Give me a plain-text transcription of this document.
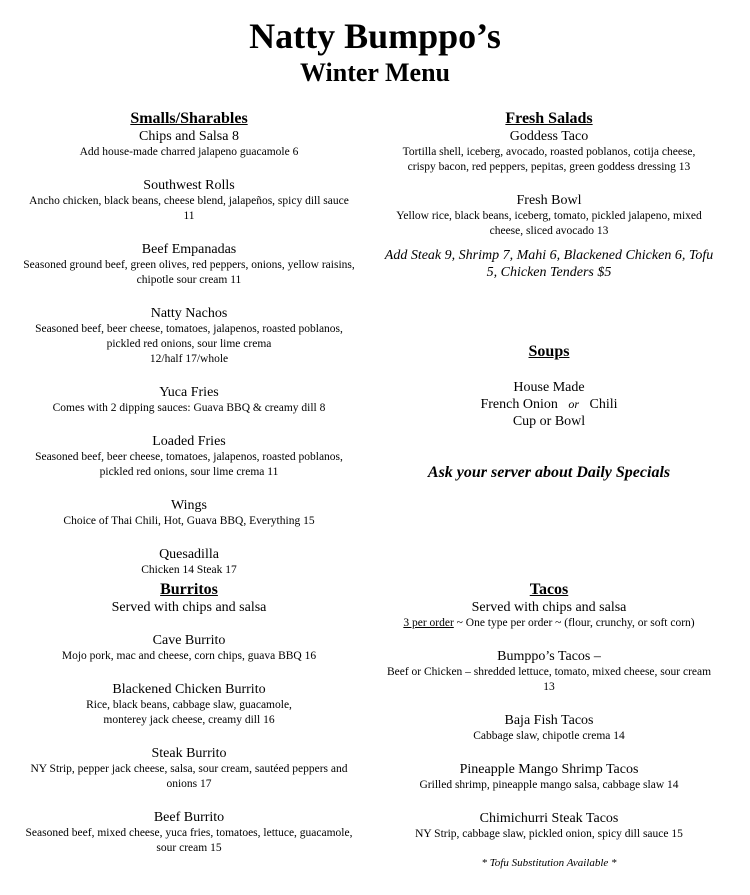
Natty Bumppo’s
Winter Menu
Smalls/Sharables
Chips and Salsa 8
Add house-made charred jalapeno guacamole 6
Southwest Rolls
Ancho chicken, black beans, cheese blend, jalapeños, spicy dill sauce
11
Beef Empanadas
Seasoned ground beef, green olives, red peppers, onions, yellow raisins,
chipotle sour cream 11
Natty Nachos
Seasoned beef, beer cheese, tomatoes, jalapenos, roasted poblanos,
pickled red onions, sour lime crema
12/half 17/whole
Yuca Fries
Comes with 2 dipping sauces: Guava BBQ & creamy dill 8
Loaded Fries
Seasoned beef, beer cheese, tomatoes, jalapenos, roasted poblanos,
pickled red onions, sour lime crema 11
Wings
Choice of Thai Chili, Hot, Guava BBQ, Everything 15
Quesadilla
Chicken 14 Steak 17
Fresh Salads
Goddess Taco
Tortilla shell, iceberg, avocado, roasted poblanos, cotija cheese,
crispy bacon, red peppers, pepitas, green goddess dressing 13
Fresh Bowl
Yellow rice, black beans, iceberg, tomato, pickled jalapeno, mixed
cheese, sliced avocado 13
Add Steak 9, Shrimp 7, Mahi 6, Blackened Chicken 6, Tofu
5, Chicken Tenders $5
Soups
House Made
French Onion or Chili
Cup or Bowl
Ask your server about Daily Specials
Burritos
Served with chips and salsa
Cave Burrito
Mojo pork, mac and cheese, corn chips, guava BBQ 16
Blackened Chicken Burrito
Rice, black beans, cabbage slaw, guacamole,
monterey jack cheese, creamy dill 16
Steak Burrito
NY Strip, pepper jack cheese, salsa, sour cream, sautéed peppers and
onions 17
Beef Burrito
Seasoned beef, mixed cheese, yuca fries, tomatoes, lettuce, guacamole,
sour cream 15
Tacos
Served with chips and salsa
3 per order ~ One type per order ~ (flour, crunchy, or soft corn)
Bumppo’s Tacos –
Beef or Chicken – shredded lettuce, tomato, mixed cheese, sour cream
13
Baja Fish Tacos
Cabbage slaw, chipotle crema 14
Pineapple Mango Shrimp Tacos
Grilled shrimp, pineapple mango salsa, cabbage slaw 14
Chimichurri Steak Tacos
NY Strip, cabbage slaw, pickled onion, spicy dill sauce 15
* Tofu Substitution Available *
